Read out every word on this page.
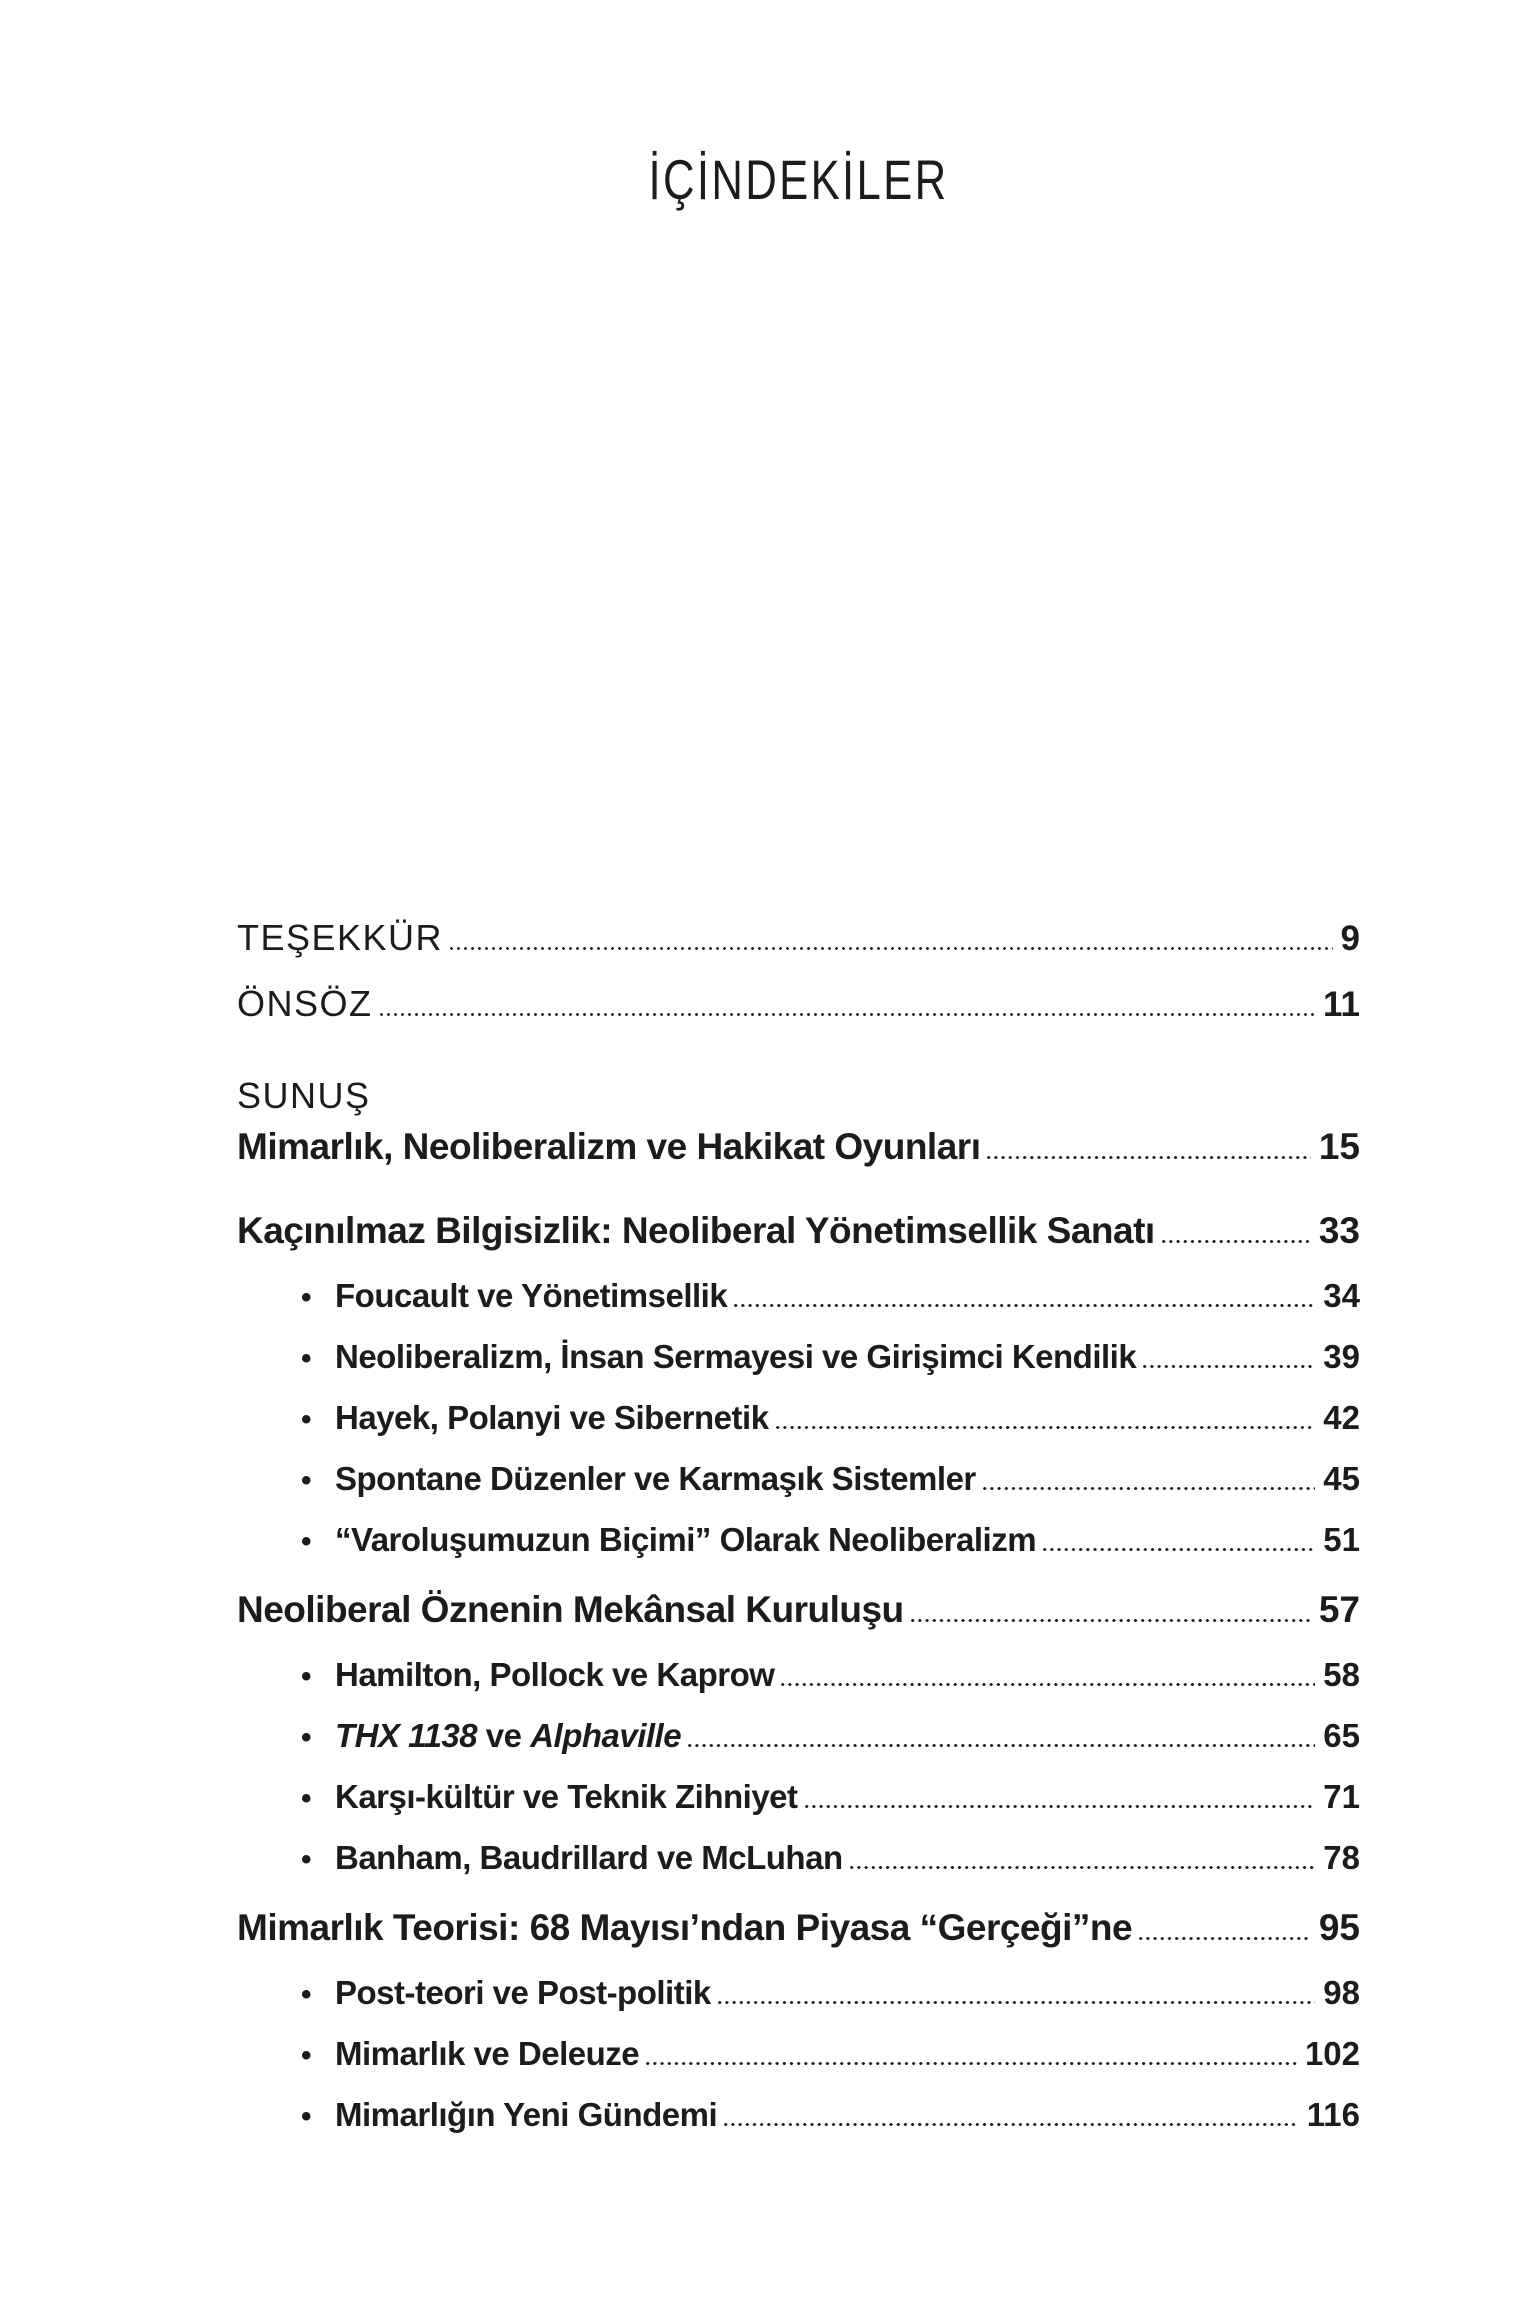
İÇİNDEKİLER
TEŞEKKÜR	9
ÖNSÖZ	11
SUNUŞ
Mimarlık, Neoliberalizm ve Hakikat Oyunları	15
Kaçınılmaz Bilgisizlik: Neoliberal Yönetimsellik Sanatı	33
• Foucault ve Yönetimsellik	34
• Neoliberalizm, İnsan Sermayesi ve Girişimci Kendilik	39
• Hayek, Polanyi ve Sibernetik	42
• Spontane Düzenler ve Karmaşık Sistemler	45
• “Varoluşumuzun Biçimi” Olarak Neoliberalizm	51
Neoliberal Öznenin Mekânsal Kuruluşu	57
• Hamilton, Pollock ve Kaprow	58
• THX 1138 ve Alphaville	65
• Karşı-kültür ve Teknik Zihniyet	71
• Banham, Baudrillard ve McLuhan	78
Mimarlık Teorisi: 68 Mayısı’ndan Piyasa “Gerçeği”ne	95
• Post-teori ve Post-politik	98
• Mimarlık ve Deleuze	102
• Mimarlığın Yeni Gündemi	116
